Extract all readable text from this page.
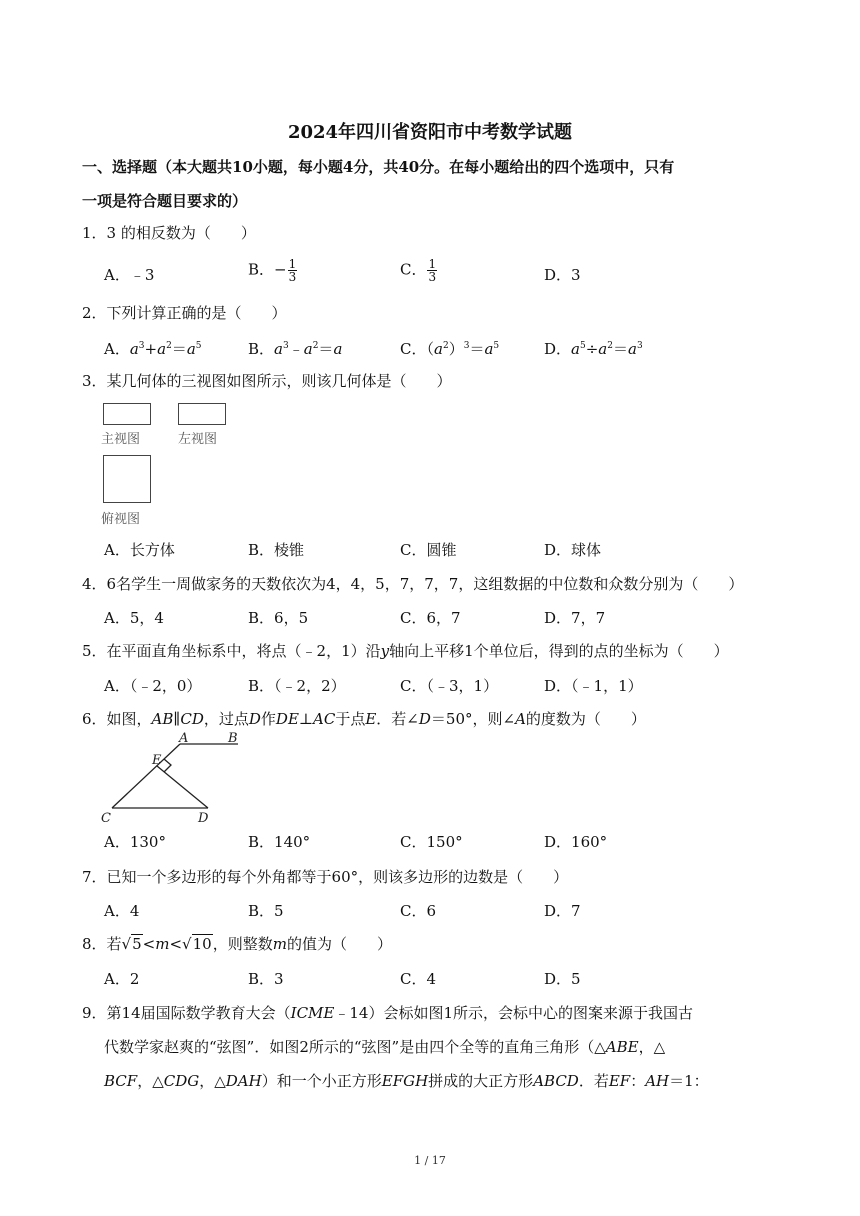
2024年四川省资阳市中考数学试题
一、选择题（本大题共10小题，每小题4分，共40分。在每小题给出的四个选项中，只有
一项是符合题目要求的）
1．3 的相反数为（　　）
A．﹣3	B．− $\frac{1}{3}$	C． $\frac{1}{3}$	D．3
2．下列计算正确的是（　　）
A．$a^3+a^2=a^5$	B．$a^3﹣a^2=a$	C．$(a^2)^3=a^5$	D．$a^5\div a^2=a^3$
3．某几何体的三视图如图所示，则该几何体是（　　）
主视图	左视图
俯视图
A．长方体	B．棱锥	C．圆锥	D．球体
4．6名学生一周做家务的天数依次为4，4，5，7，7，7，这组数据的中位数和众数分别为（　　）
A．5，4	B．6，5	C．6，7	D．7，7
5．在平面直角坐标系中，将点（﹣2，1）沿y轴向上平移1个单位后，得到的点的坐标为（　　）
A．（﹣2，0）	B．（﹣2，2）	C．（﹣3，1）	D．（﹣1，1）
6．如图，AB∥CD，过点D作DE⊥AC于点E．若∠D＝50°，则∠A的度数为（　　）
A	B
C	D
E
A．130°	B．140°	C．150°	D．160°
7．已知一个多边形的每个外角都等于60°，则该多边形的边数是（　　）
A．4	B．5	C．6	D．7
8．若√5<m<√10，则整数m的值为（　　）
A．2	B．3	C．4	D．5
9．第14届国际数学教育大会（ICME﹣14）会标如图1所示，会标中心的图案来源于我国古
代数学家赵爽的“弦图”．如图2所示的“弦图”是由四个全等的直角三角形（△ABE，△
BCF，△CDG，△DAH）和一个小正方形EFGH拼成的大正方形ABCD．若EF：AH＝1：
1 / 17
